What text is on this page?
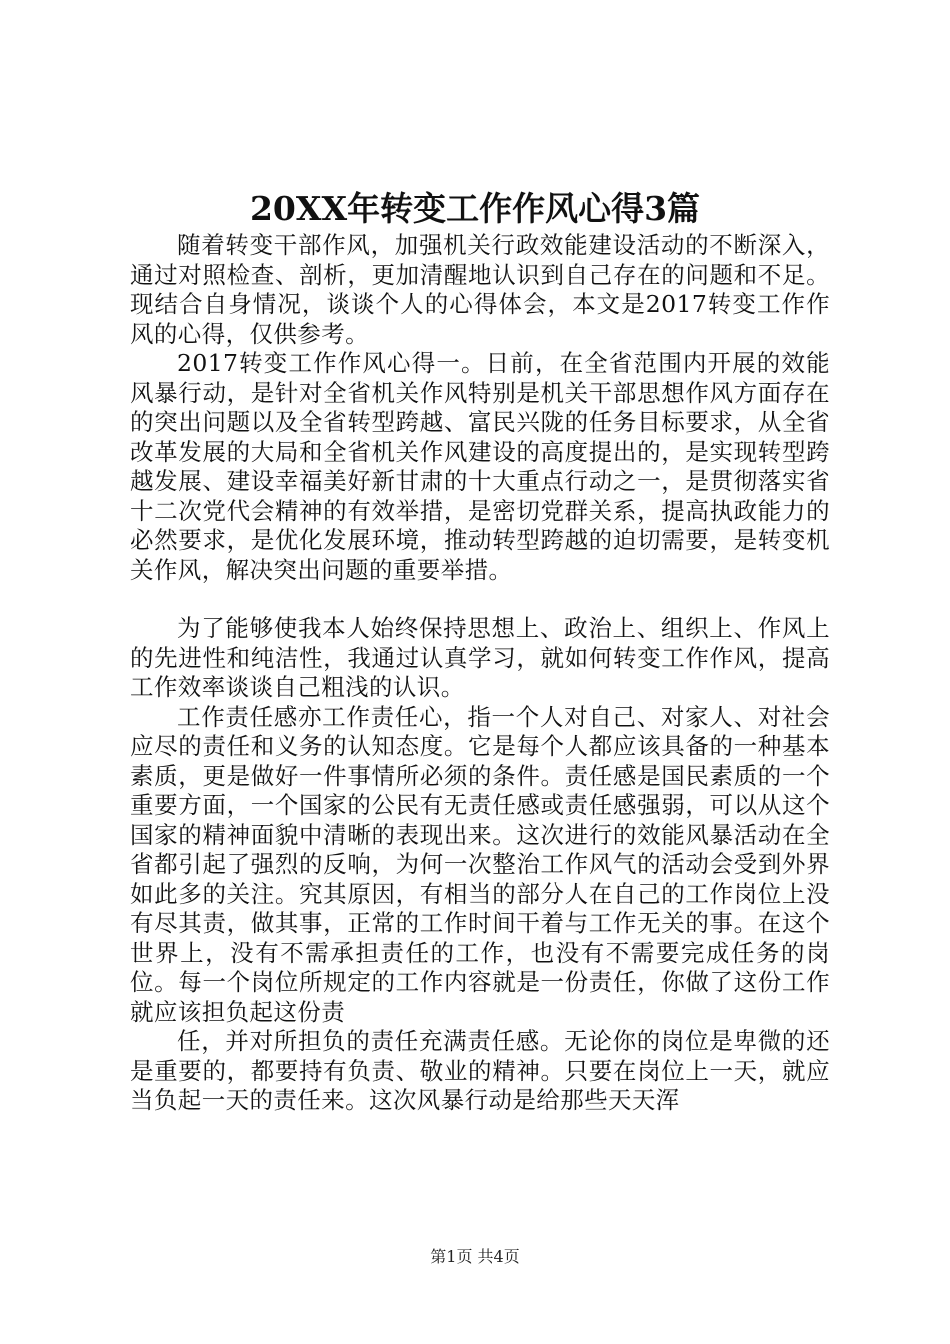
20XX年转变工作作风心得3篇

随着转变干部作风，加强机关行政效能建设活动的不断深入，通过对照检查、剖析，更加清醒地认识到自己存在的问题和不足。现结合自身情况，谈谈个人的心得体会，本文是2017转变工作作风的心得，仅供参考。

2017转变工作作风心得一。日前，在全省范围内开展的效能风暴行动，是针对全省机关作风特别是机关干部思想作风方面存在的突出问题以及全省转型跨越、富民兴陇的任务目标要求，从全省改革发展的大局和全省机关作风建设的高度提出的，是实现转型跨越发展、建设幸福美好新甘肃的十大重点行动之一，是贯彻落实省十二次党代会精神的有效举措，是密切党群关系，提高执政能力的必然要求，是优化发展环境，推动转型跨越的迫切需要，是转变机关作风，解决突出问题的重要举措。

为了能够使我本人始终保持思想上、政治上、组织上、作风上的先进性和纯洁性，我通过认真学习，就如何转变工作作风，提高工作效率谈谈自己粗浅的认识。

工作责任感亦工作责任心，指一个人对自己、对家人、对社会应尽的责任和义务的认知态度。它是每个人都应该具备的一种基本素质，更是做好一件事情所必须的条件。责任感是国民素质的一个重要方面，一个国家的公民有无责任感或责任感强弱，可以从这个国家的精神面貌中清晰的表现出来。这次进行的效能风暴活动在全省都引起了强烈的反响，为何一次整治工作风气的活动会受到外界如此多的关注。究其原因，有相当的部分人在自己的工作岗位上没有尽其责，做其事，正常的工作时间干着与工作无关的事。在这个世界上，没有不需承担责任的工作，也没有不需要完成任务的岗位。每一个岗位所规定的工作内容就是一份责任，你做了这份工作就应该担负起这份责

任，并对所担负的责任充满责任感。无论你的岗位是卑微的还是重要的，都要持有负责、敬业的精神。只要在岗位上一天，就应当负起一天的责任来。这次风暴行动是给那些天天浑

第1页 共4页
